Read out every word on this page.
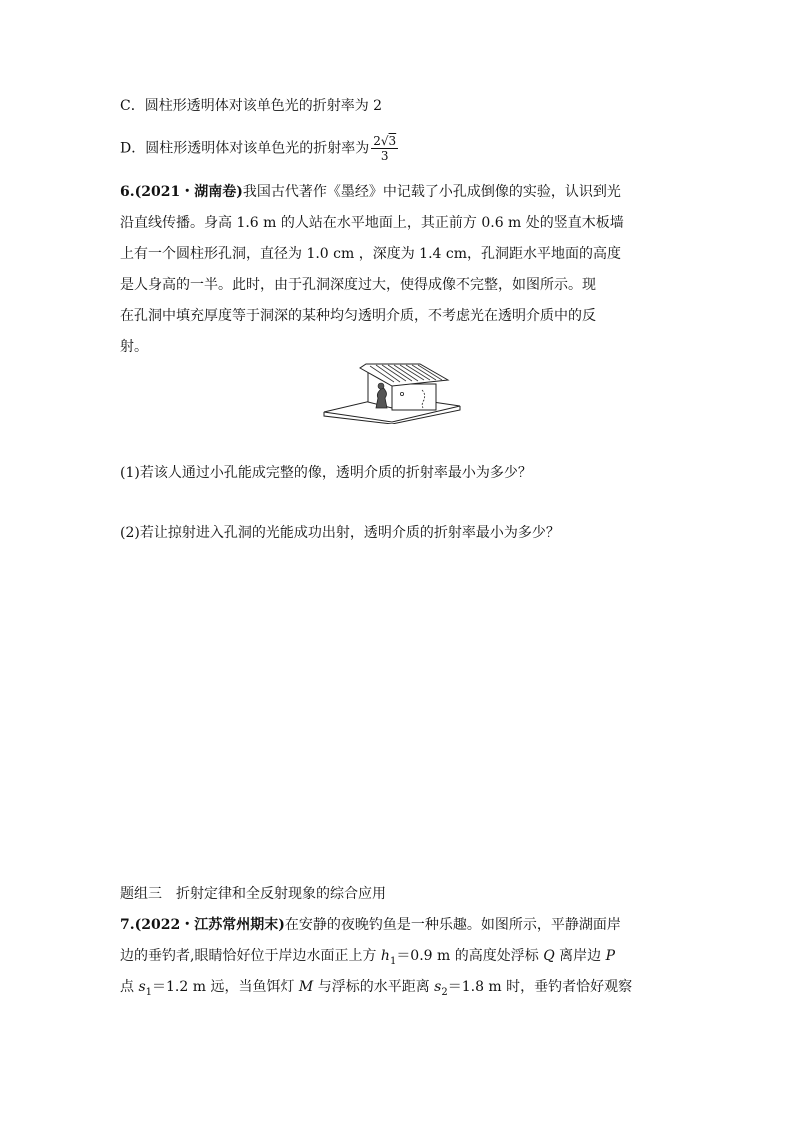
C．圆柱形透明体对该单色光的折射率为 2
D．圆柱形透明体对该单色光的折射率为 $\frac{2√3}{3}$
6.(2021・湖南卷)我国古代著作《墨经》中记载了小孔成倒像的实验，认识到光
沿直线传播。身高 1.6 m 的人站在水平地面上，其正前方 0.6 m 处的竖直木板墙
上有一个圆柱形孔洞，直径为 1.0 cm ，深度为 1.4 cm，孔洞距水平地面的高度
是人身高的一半。此时，由于孔洞深度过大，使得成像不完整，如图所示。现
在孔洞中填充厚度等于洞深的某种均匀透明介质，不考虑光在透明介质中的反
射。
(1)若该人通过小孔能成完整的像，透明介质的折射率最小为多少？
(2)若让掠射进入孔洞的光能成功出射，透明介质的折射率最小为多少？
题组三　折射定律和全反射现象的综合应用
7.(2022・江苏常州期末)在安静的夜晚钓鱼是一种乐趣。如图所示，平静湖面岸
边的垂钓者,眼睛恰好位于岸边水面正上方 $h_1=0.9$ m 的高度处浮标 Q 离岸边 P
点 $s_1=1.2$ m 远，当鱼饵灯 M 与浮标的水平距离 $s_2=1.8$ m 时，垂钓者恰好观察
